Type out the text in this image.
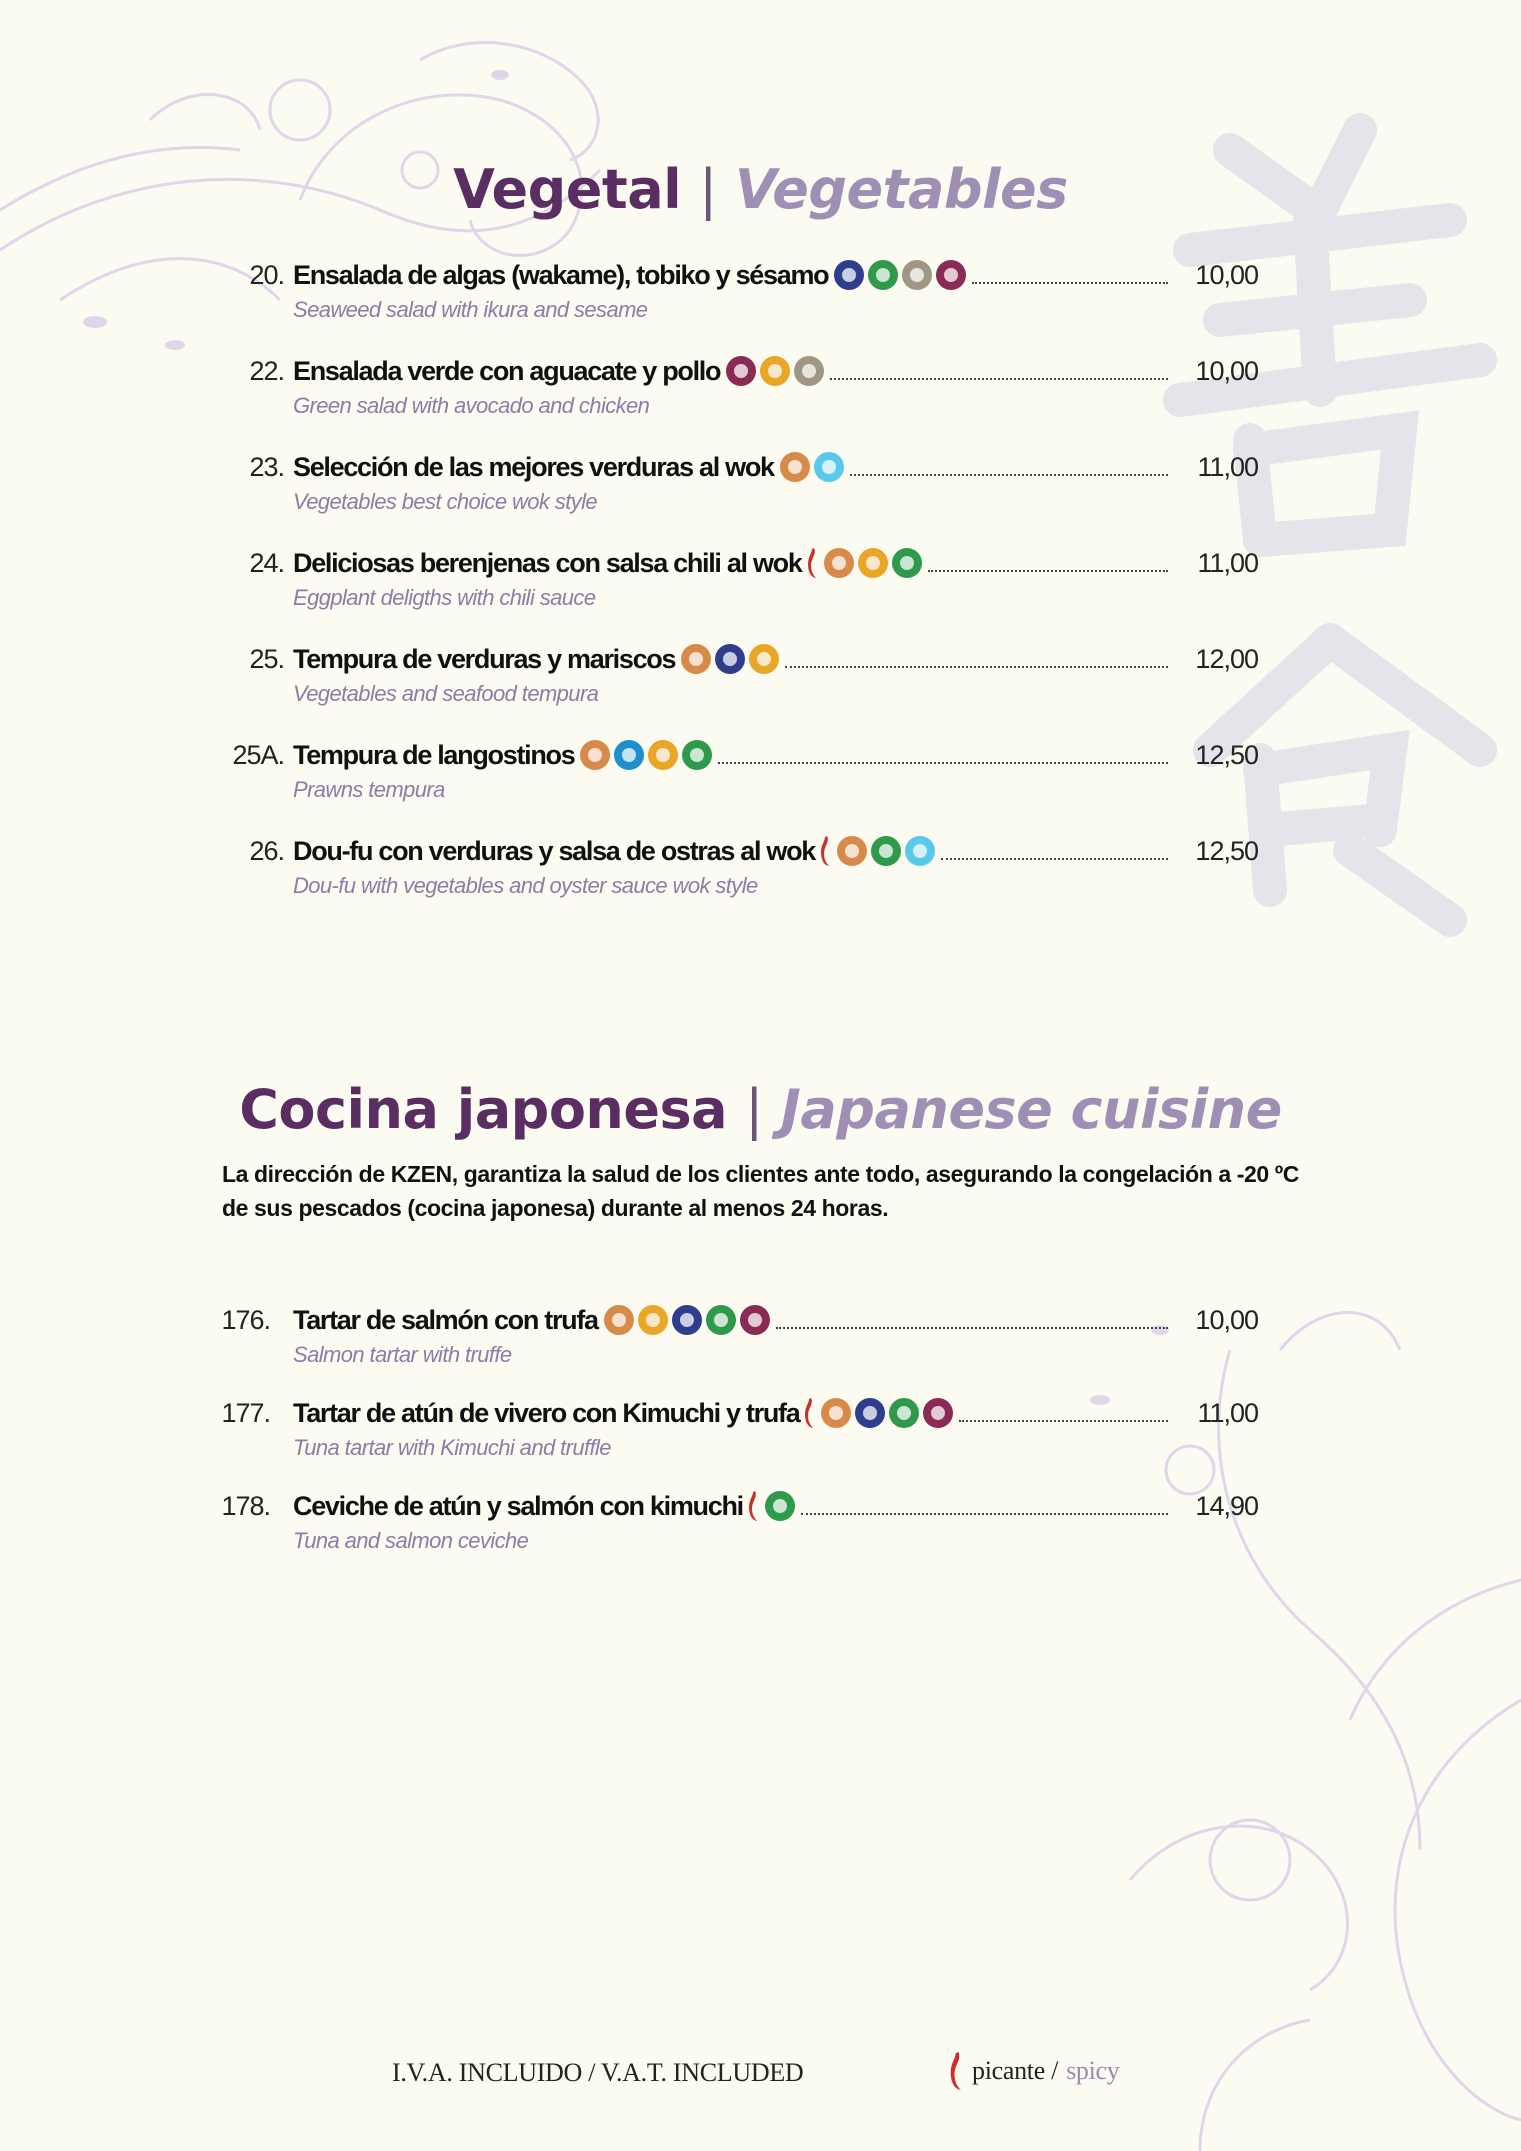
Vegetal | Vegetables
20. Ensalada de algas (wakame), tobiko y sésamo	10,00
Seaweed salad with ikura and sesame
22. Ensalada verde con aguacate y pollo	10,00
Green salad with avocado and chicken
23. Selección de las mejores verduras al wok	11,00
Vegetables best choice wok style
24. Deliciosas berenjenas con salsa chili al wok	11,00
Eggplant deligths with chili sauce
25. Tempura de verduras y mariscos	12,00
Vegetables and seafood tempura
25A. Tempura de langostinos	12,50
Prawns tempura
26. Dou-fu con verduras y salsa de ostras al wok	12,50
Dou-fu with vegetables and oyster sauce wok style
Cocina japonesa | Japanese cuisine
La dirección de KZEN, garantiza la salud de los clientes ante todo, asegurando la congelación a -20 ºC
de sus pescados (cocina japonesa) durante al menos 24 horas.
176. Tartar de salmón con trufa	10,00
Salmon tartar with truffe
177. Tartar de atún de vivero con Kimuchi y trufa	11,00
Tuna tartar with Kimuchi and truffle
178. Ceviche de atún y salmón con kimuchi	14,90
Tuna and salmon ceviche
I.V.A. INCLUIDO / V.A.T. INCLUDED	picante / spicy
